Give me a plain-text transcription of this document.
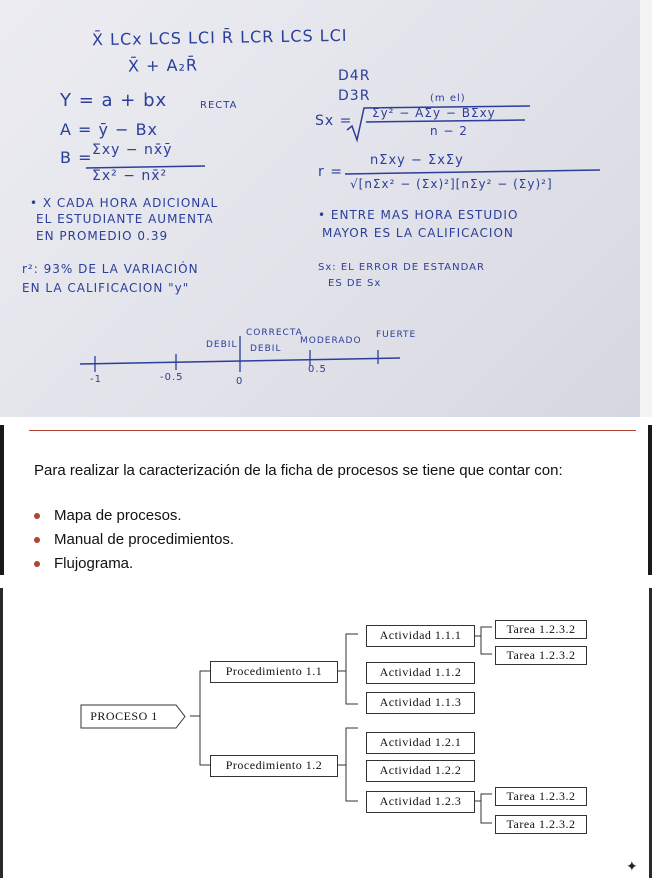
X̄ LCx LCS LCI R̄ LCR LCS LCI
X̄ + A₂R̄
D4R
D3R
Y = a + bx	RECTA
Sx =
(m el)
Σy² − AΣy − BΣxy
n − 2
A = ȳ − Bx
B = Σxy − nx̄ȳ
Σx² − nx̄²	r =
nΣxy − ΣxΣy
√[nΣx² − (Σx)²][nΣy² − (Σy)²]
• X CADA HORA ADICIONAL
EL ESTUDIANTE AUMENTA
EN PROMEDIO 0.39
• ENTRE MAS HORA ESTUDIO
MAYOR ES LA CALIFICACION
r²: 93% DE LA VARIACIÓN
EN LA CALIFICACION "y"
Sx: EL ERROR DE ESTANDAR
ES DE Sx
DEBIL
CORRECTA
DEBIL
MODERADO
FUERTE
-1	-0.5	0
0.5
Para realizar la caracterización de la ficha de procesos se tiene que contar con:
Mapa de procesos.
Manual de procedimientos.
Flujograma.
PROCESO 1
Procedimiento 1.1
Procedimiento 1.2
Actividad 1.1.1
Actividad 1.1.2
Actividad 1.1.3
Actividad 1.2.1
Actividad 1.2.2
Actividad 1.2.3
Tarea 1.2.3.2
Tarea 1.2.3.2
Tarea 1.2.3.2
Tarea 1.2.3.2
✦
